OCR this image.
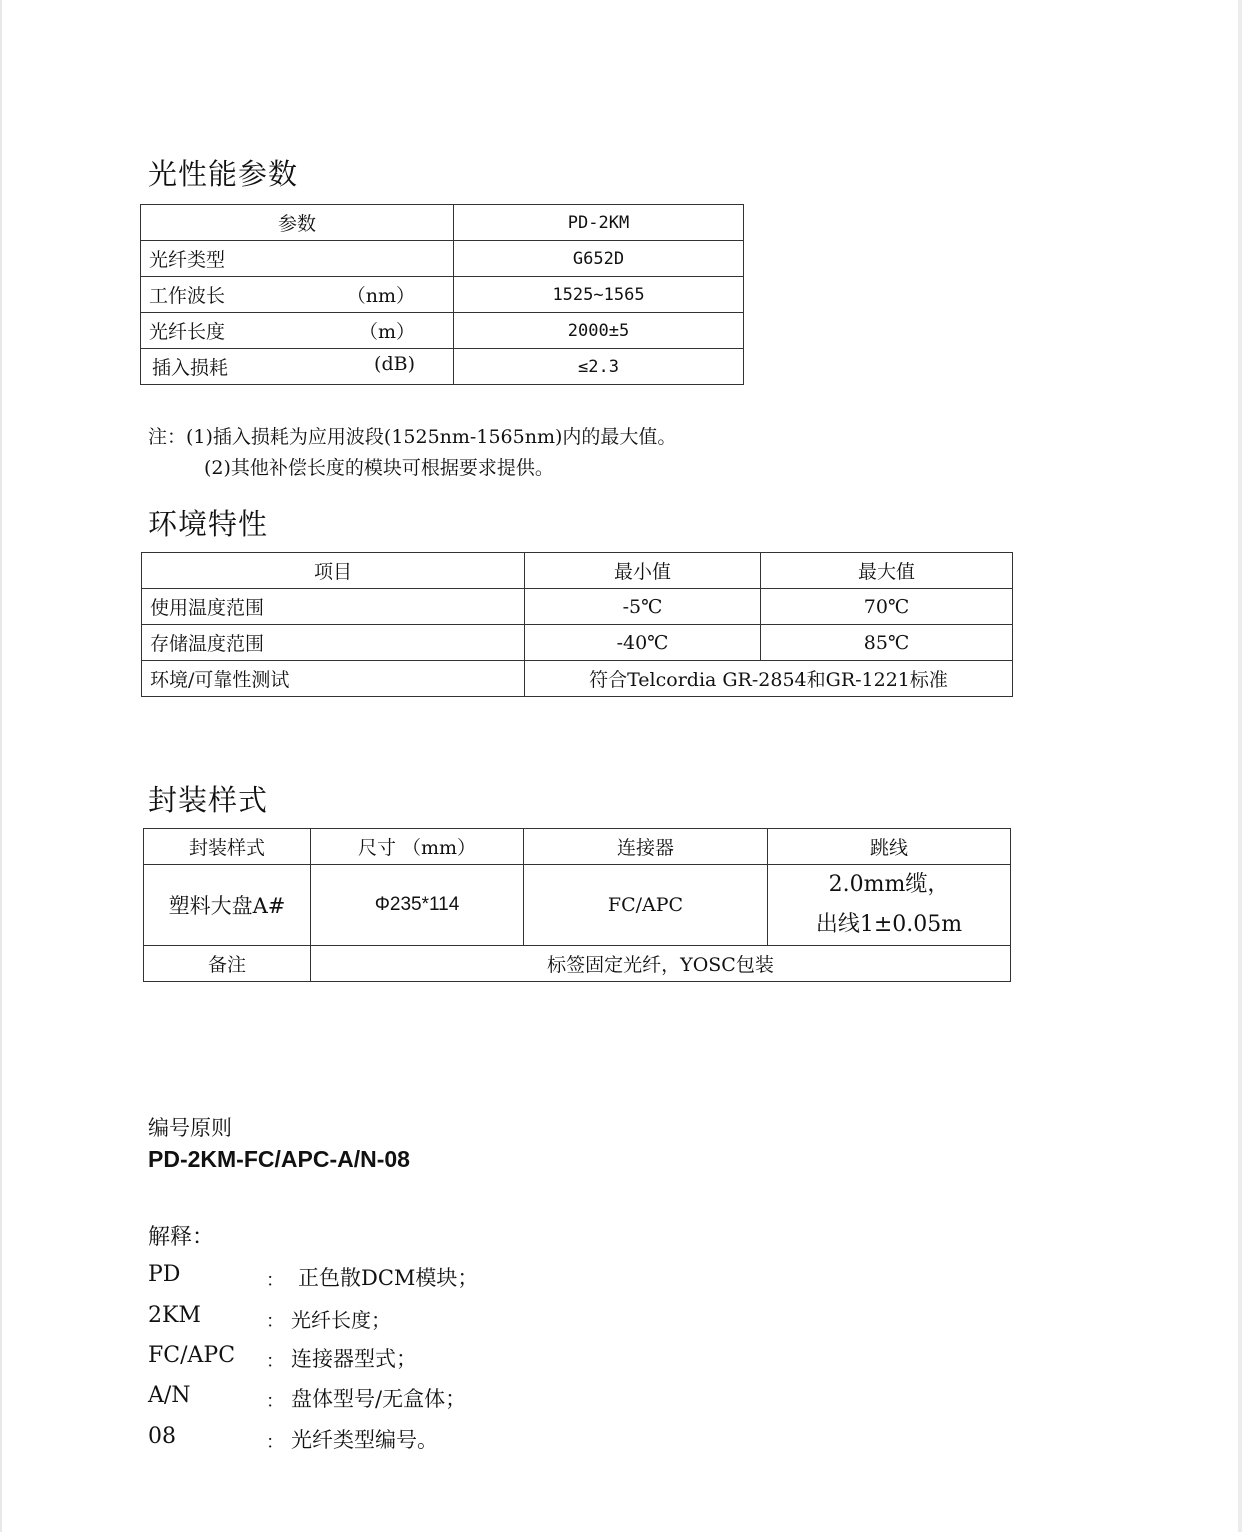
光性能参数
参数	PD-2KM

光纤类型	G652D

工作波长 （nm）	1525~1565

光纤长度 （m）	2000±5

插入损耗 (dB)	≤2.3

注：(1)插入损耗为应用波段(1525nm-1565nm)内的最大值。

(2)其他补偿长度的模块可根据要求提供。

环境特性
项目	最小值	最大值
使用温度范围	-5℃	70℃
存储温度范围	-40℃	85℃
环境/可靠性测试	符合Telcordia GR-2854和GR-1221标准	
封装样式
封装样式	尺寸 （mm）	连接器	跳线
塑料大盘A#	Φ235*114	FC/APC	2.0mm缆，
出线1±0.05m

备注	标签固定光纤，YOSC包装		
编号原则
PD-2KM-FC/APC-A/N-08
解释：
PD	： 正色散DCM模块；
2KM	： 光纤长度；
FC/APC ： 连接器型式；
A/N	： 盘体型号/无盒体；
08	： 光纤类型编号。
